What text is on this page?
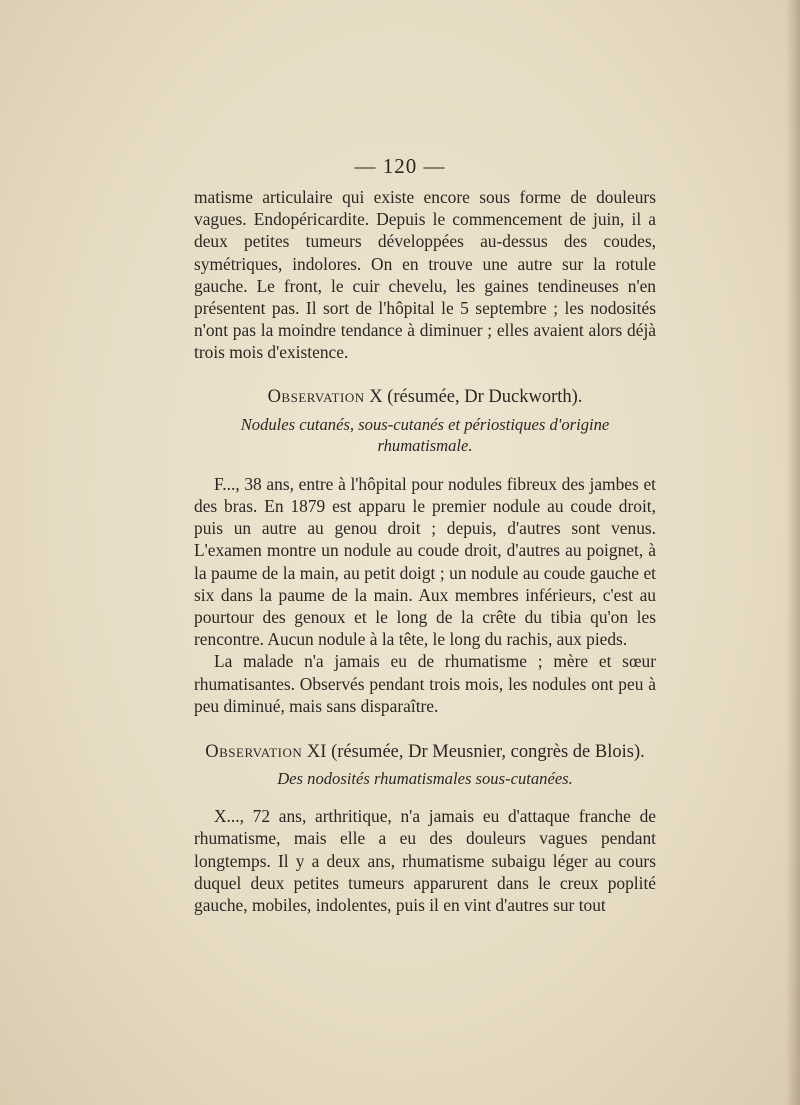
— 120 —

matisme articulaire qui existe encore sous forme de douleurs vagues. Endopéricardite. Depuis le commencement de juin, il a deux petites tumeurs développées au-dessus des coudes, symétriques, indolores. On en trouve une autre sur la rotule gauche. Le front, le cuir chevelu, les gaines tendineuses n'en présentent pas. Il sort de l'hôpital le 5 septembre ; les nodosités n'ont pas la moindre tendance à diminuer ; elles avaient alors déjà trois mois d'existence.

Observation X (résumée, Dr Duckworth).

Nodules cutanés, sous-cutanés et périostiques d'origine rhumatismale.

F..., 38 ans, entre à l'hôpital pour nodules fibreux des jambes et des bras. En 1879 est apparu le premier nodule au coude droit, puis un autre au genou droit ; depuis, d'autres sont venus. L'examen montre un nodule au coude droit, d'autres au poignet, à la paume de la main, au petit doigt ; un nodule au coude gauche et six dans la paume de la main. Aux membres inférieurs, c'est au pourtour des genoux et le long de la crête du tibia qu'on les rencontre. Aucun nodule à la tête, le long du rachis, aux pieds.

La malade n'a jamais eu de rhumatisme ; mère et sœur rhumatisantes. Observés pendant trois mois, les nodules ont peu à peu diminué, mais sans disparaître.

Observation XI (résumée, Dr Meusnier, congrès de Blois).

Des nodosités rhumatismales sous-cutanées.

X..., 72 ans, arthritique, n'a jamais eu d'attaque franche de rhumatisme, mais elle a eu des douleurs vagues pendant longtemps. Il y a deux ans, rhumatisme subaigu léger au cours duquel deux petites tumeurs apparurent dans le creux poplité gauche, mobiles, indolentes, puis il en vint d'autres sur tout
